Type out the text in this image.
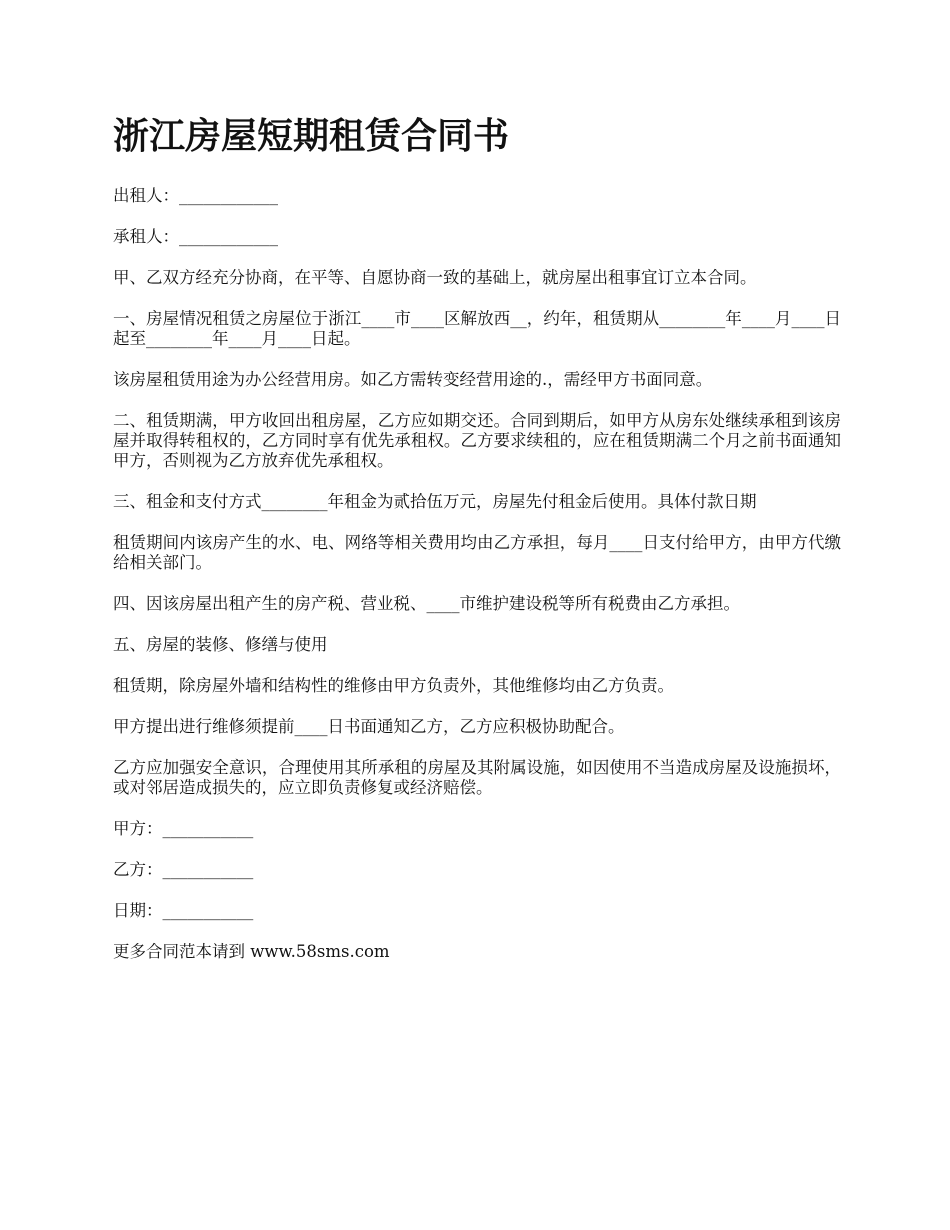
浙江房屋短期租赁合同书

出租人：____________

承租人：____________

甲、乙双方经充分协商，在平等、自愿协商一致的基础上，就房屋出租事宜订立本合同。

一、房屋情况租赁之房屋位于浙江____市____区解放西__，约年，租赁期从________年____月____日起至________年____月____日起。

该房屋租赁用途为办公经营用房。如乙方需转变经营用途的.，需经甲方书面同意。

二、租赁期满，甲方收回出租房屋，乙方应如期交还。合同到期后，如甲方从房东处继续承租到该房屋并取得转租权的，乙方同时享有优先承租权。乙方要求续租的，应在租赁期满二个月之前书面通知甲方，否则视为乙方放弃优先承租权。

三、租金和支付方式________年租金为贰拾伍万元，房屋先付租金后使用。具体付款日期

租赁期间内该房产生的水、电、网络等相关费用均由乙方承担，每月____日支付给甲方，由甲方代缴给相关部门。

四、因该房屋出租产生的房产税、营业税、____市维护建设税等所有税费由乙方承担。

五、房屋的装修、修缮与使用

租赁期，除房屋外墙和结构性的维修由甲方负责外，其他维修均由乙方负责。

甲方提出进行维修须提前____日书面通知乙方，乙方应积极协助配合。

乙方应加强安全意识，合理使用其所承租的房屋及其附属设施，如因使用不当造成房屋及设施损坏，或对邻居造成损失的，应立即负责修复或经济赔偿。

甲方：___________

乙方：___________

日期：___________

更多合同范本请到 www.58sms.com
